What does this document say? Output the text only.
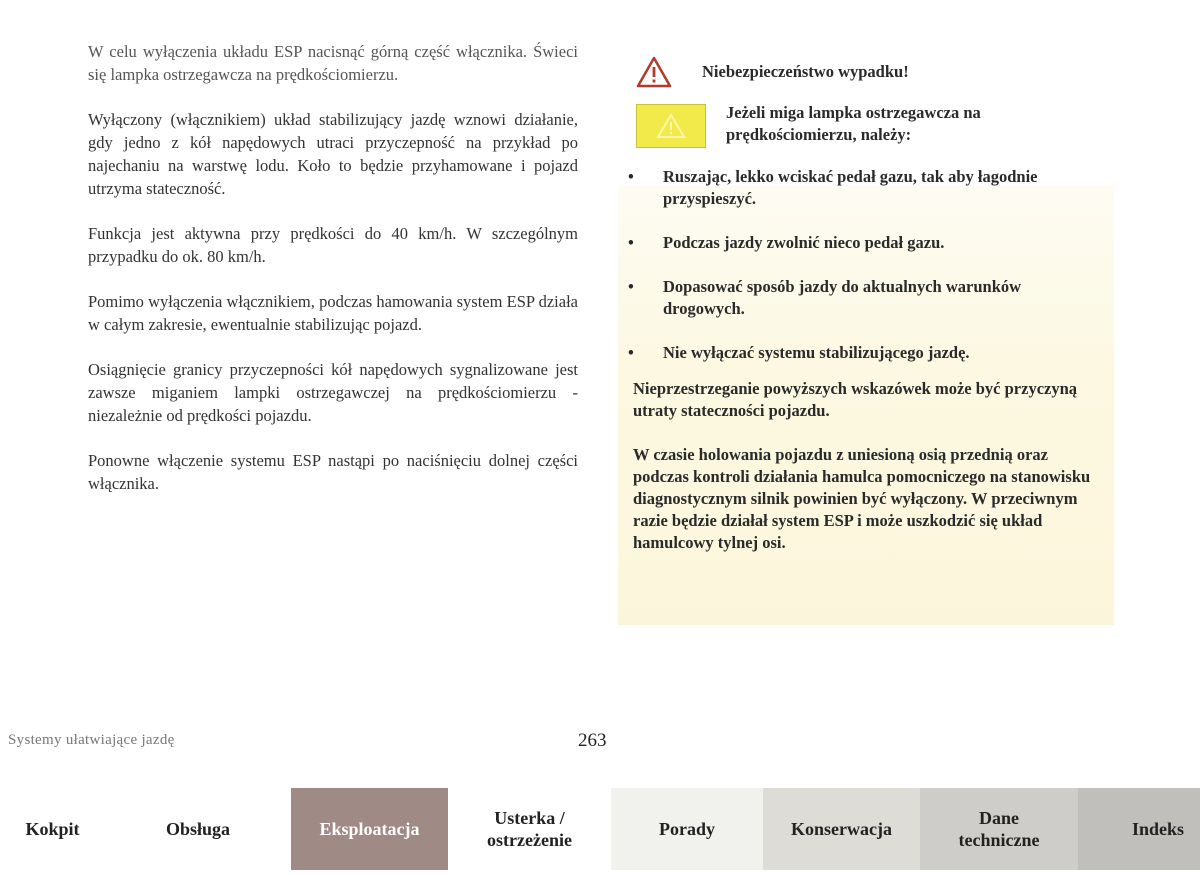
W celu wyłączenia układu ESP nacisnąć górną część włącznika. Świeci się lampka ostrzegawcza na prędkościomierzu.

Wyłączony (włącznikiem) układ stabilizujący jazdę wznowi działanie, gdy jedno z kół napędowych utraci przyczepność na przykład po najechaniu na warstwę lodu. Koło to będzie przyhamowane i pojazd utrzyma stateczność.

Funkcja jest aktywna przy prędkości do 40 km/h. W szczególnym przypadku do ok. 80 km/h.

Pomimo wyłączenia włącznikiem, podczas hamowania system ESP działa w całym zakresie, ewentualnie stabilizując pojazd.

Osiągnięcie granicy przyczepności kół napędowych sygnalizowane jest zawsze miganiem lampki ostrzegawczej na prędkościomierzu - niezależnie od prędkości pojazdu.

Ponowne włączenie systemu ESP nastąpi po naciśnięciu dolnej części włącznika.

Niebezpieczeństwo wypadku!
Jeżeli miga lampka ostrzegawcza na prędkościomierzu, należy:
• Ruszając, lekko wciskać pedał gazu, tak aby łagodnie przyspieszyć.
• Podczas jazdy zwolnić nieco pedał gazu.
• Dopasować sposób jazdy do aktualnych warunków drogowych.
• Nie wyłączać systemu stabilizującego jazdę.

Nieprzestrzeganie powyższych wskazówek może być przyczyną utraty stateczności pojazdu.

W czasie holowania pojazdu z uniesioną osią przednią oraz podczas kontroli działania hamulca pomocniczego na stanowisku diagnostycznym silnik powinien być wyłączony. W przeciwnym razie będzie działał system ESP i może uszkodzić się układ hamulcowy tylnej osi.

Systemy ułatwiające jazdę	263
Kokpit	Obsługa	Eksploatacja
Usterka / ostrzeżenie
Porady	Konserwacja
Dane techniczne
Indeks
